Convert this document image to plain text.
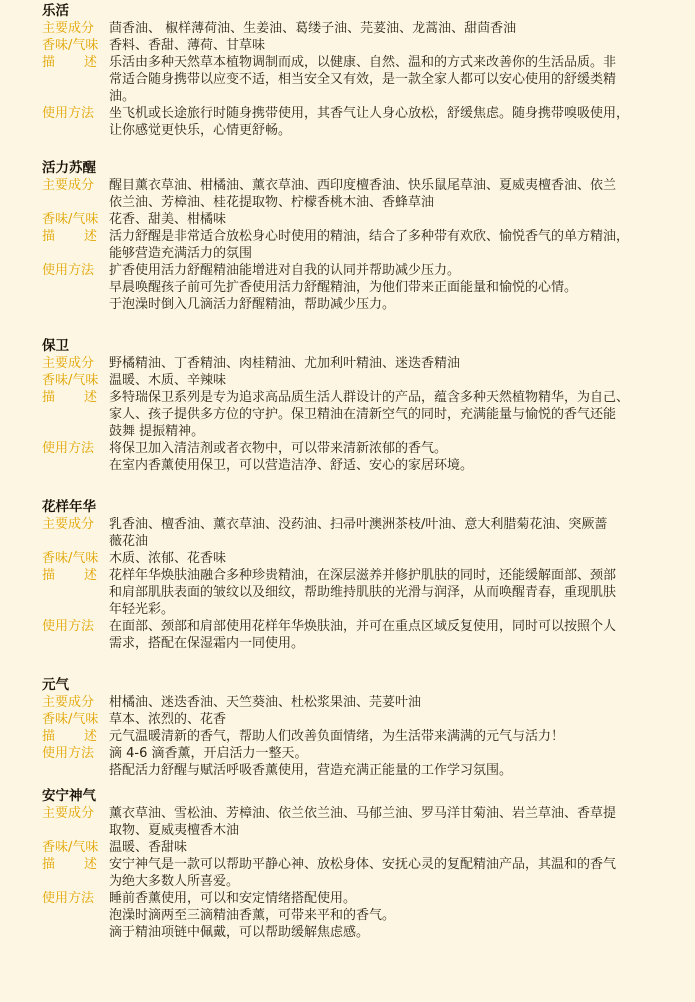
乐活
主要成分	茴香油、 椒样薄荷油、生姜油、葛缕子油、芫荽油、龙蒿油、甜茴香油
香味/气味 香料、香甜、薄荷、甘草味
描 述 乐活由多种天然草本植物调制而成，以健康、自然、温和的方式来改善你的生活品质。非
常适合随身携带以应变不适，相当安全又有效，是一款全家人都可以安心使用的舒缓类精
油。
使用方法	坐飞机或长途旅行时随身携带使用，其香气让人身心放松，舒缓焦虑。随身携带嗅吸使用，
让你感觉更快乐，心情更舒畅。
活力苏醒
主要成分	醒目薰衣草油、柑橘油、薰衣草油、西印度檀香油、快乐鼠尾草油、夏威夷檀香油、依兰
依兰油、芳樟油、桂花提取物、柠檬香桃木油、香蜂草油
香味/气味 花香、甜美、柑橘味
描 述 活力舒醒是非常适合放松身心时使用的精油，结合了多种带有欢欣、愉悦香气的单方精油，
能够营造充满活力的氛围
使用方法	扩香使用活力舒醒精油能增进对自我的认同并帮助减少压力。
早晨唤醒孩子前可先扩香使用活力舒醒精油，为他们带来正面能量和愉悦的心情。
于泡澡时倒入几滴活力舒醒精油，帮助减少压力。
保卫
主要成分	野橘精油、丁香精油、肉桂精油、尤加利叶精油、迷迭香精油
香味/气味 温暖、木质、辛辣味
描 述 多特瑞保卫系列是专为追求高品质生活人群设计的产品，蕴含多种天然植物精华，为自己、
家人、孩子提供多方位的守护。保卫精油在清新空气的同时，充满能量与愉悦的香气还能
鼓舞 提振精神。
使用方法	将保卫加入清洁剂或者衣物中，可以带来清新浓郁的香气。
在室内香薰使用保卫，可以营造洁净、舒适、安心的家居环境。
花样年华
主要成分	乳香油、檀香油、薰衣草油、没药油、扫帚叶澳洲茶枝/叶油、意大利腊菊花油、突厥蔷
薇花油
香味/气味 木质、浓郁、花香味
描 述 花样年华焕肤油融合多种珍贵精油，在深层滋养并修护肌肤的同时，还能缓解面部、颈部
和肩部肌肤表面的皱纹以及细纹，帮助维持肌肤的光滑与润泽，从而唤醒青春，重现肌肤
年轻光彩。
使用方法	在面部、颈部和肩部使用花样年华焕肤油，并可在重点区域反复使用，同时可以按照个人
需求，搭配在保湿霜内一同使用。
元气
主要成分	柑橘油、迷迭香油、天竺葵油、杜松浆果油、芫荽叶油
香味/气味 草本、浓烈的、花香
描 述 元气温暖清新的香气，帮助人们改善负面情绪，为生活带来满满的元气与活力！
使用方法	滴 4-6 滴香薰，开启活力一整天。
搭配活力舒醒与赋活呼吸香薰使用，营造充满正能量的工作学习氛围。
安宁神气
主要成分	薰衣草油、雪松油、芳樟油、依兰依兰油、马郁兰油、罗马洋甘菊油、岩兰草油、香草提
取物、夏威夷檀香木油
香味/气味 温暖、香甜味
描 述 安宁神气是一款可以帮助平静心神、放松身体、安抚心灵的复配精油产品，其温和的香气
为绝大多数人所喜爱。
使用方法	睡前香薰使用，可以和安定情绪搭配使用。
泡澡时滴两至三滴精油香薰，可带来平和的香气。
滴于精油项链中佩戴，可以帮助缓解焦虑感。
